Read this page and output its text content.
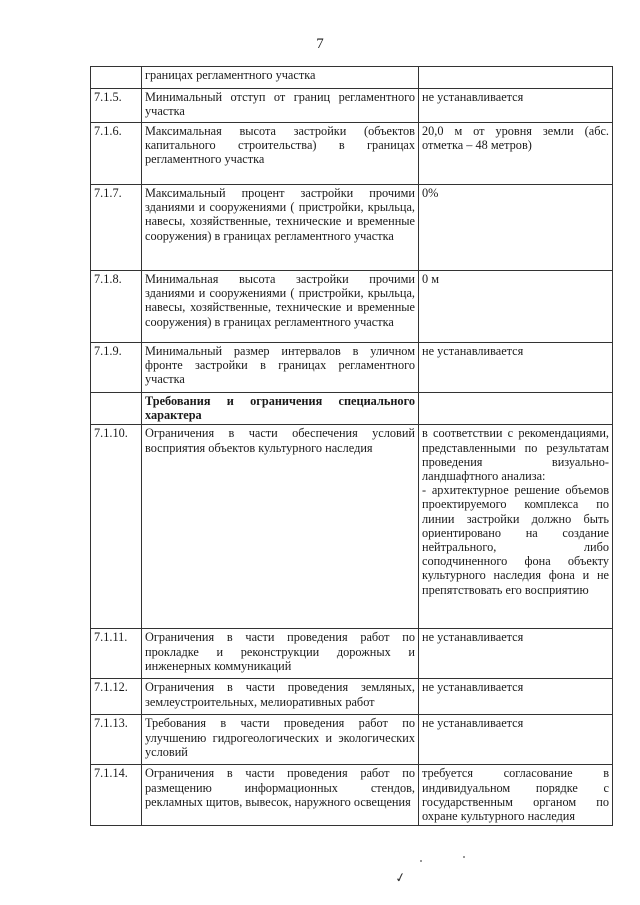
7
	границах регламентного участка	
7.1.5.	Минимальный отступ от границ регламентного участка	не устанавливается
7.1.6.	Максимальная высота застройки (объектов капитального строительства) в границах регламентного участка	20,0 м от уровня земли (абс. отметка – 48 метров)
7.1.7.	Максимальный процент застройки прочими зданиями и сооружениями ( пристройки, крыльца, навесы, хозяйственные, технические и временные сооружения) в границах регламентного участка	0%
7.1.8.	Минимальная высота застройки прочими зданиями и сооружениями ( пристройки, крыльца, навесы, хозяйственные, технические и временные сооружения) в границах регламентного участка	0 м
7.1.9.	Минимальный размер интервалов в уличном фронте застройки в границах регламентного участка	не устанавливается
	Требования и ограничения специального характера	
7.1.10.	Ограничения в части обеспечения условий восприятия объектов культурного наследия	в соответствии с рекомендациями, представленными по результатам проведения визуально-ландшафтного анализа:
- архитектурное решение объемов проектируемого комплекса по линии застройки должно быть ориентировано на создание нейтрального, либо соподчиненного фона объекту культурного наследия фона и не препятствовать его восприятию
7.1.11.	Ограничения в части проведения работ по прокладке и реконструкции дорожных и инженерных коммуникаций	не устанавливается
7.1.12.	Ограничения в части проведения земляных, землеустроительных, мелиоративных работ	не устанавливается
7.1.13.	Требования в части проведения работ по улучшению гидрогеологических и экологических условий	не устанавливается
7.1.14.	Ограничения в части проведения работ по размещению информационных стендов, рекламных щитов, вывесок, наружного освещения	требуется согласование в индивидуальном порядке с государственным органом по охране культурного наследия
✓
